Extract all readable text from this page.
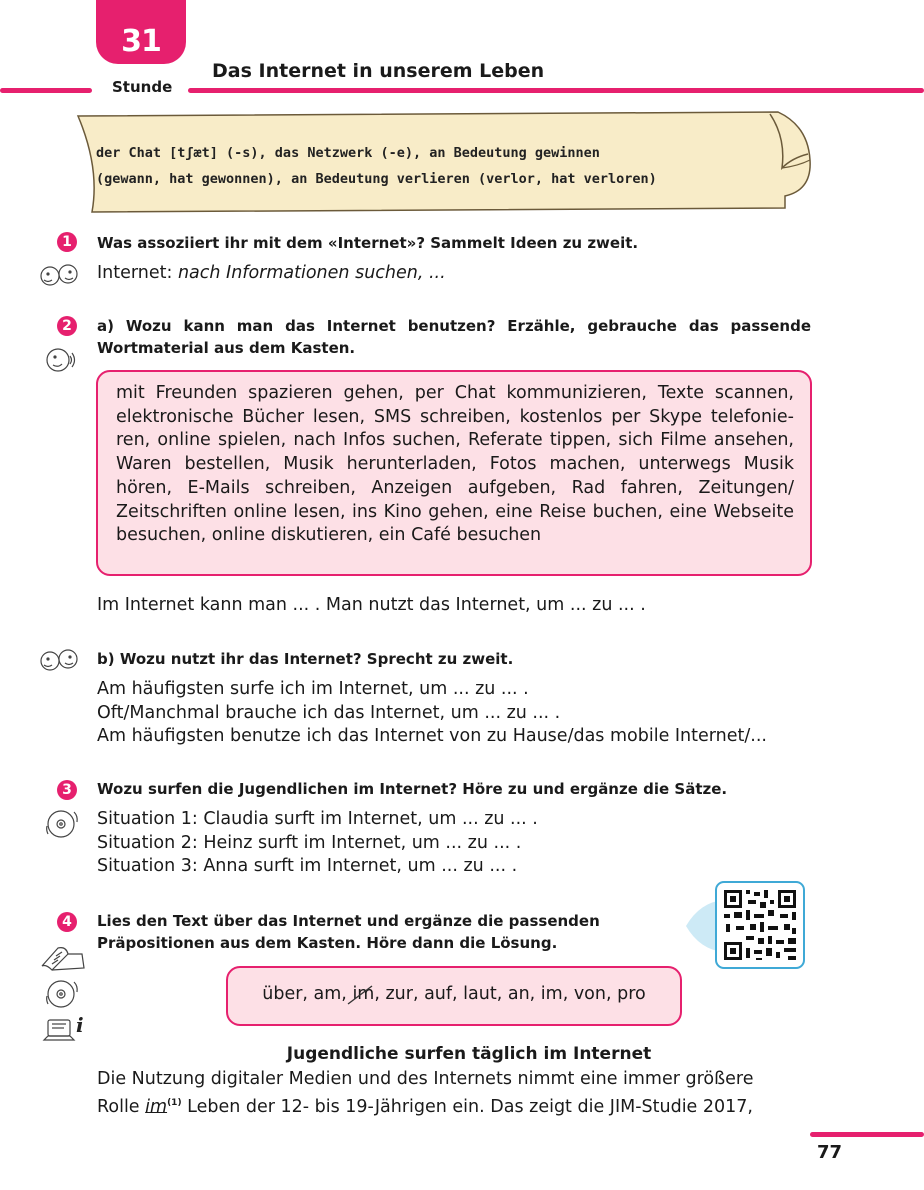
31
Stunde
Das Internet in unserem Leben
der Chat [tʃæt] (-s), das Netzwerk (-e), an Bedeutung gewinnen
(gewann, hat gewonnen), an Bedeutung verlieren (verlor, hat verloren)
1	Was assoziiert ihr mit dem «Internet»? Sammelt Ideen zu zweit.
Internet: nach Informationen suchen, ...
2	a) Wozu kann man das Internet benutzen? Erzähle, gebrauche das passende Wortmaterial aus dem Kasten.
mit Freunden spazieren gehen, per Chat kommunizieren, Texte scannen, elektronische Bücher lesen, SMS schreiben, kostenlos per Skype telefonieren, online spielen, nach Infos suchen, Referate tippen, sich Filme ansehen, Waren bestellen, Musik herunterladen, Fotos machen, unterwegs Musik hören, E-Mails schreiben, Anzeigen aufgeben, Rad fahren, Zeitungen/ Zeitschriften online lesen, ins Kino gehen, eine Reise buchen, eine Webseite besuchen, online diskutieren, ein Café besuchen
Im Internet kann man ... . Man nutzt das Internet, um ... zu ... .
b) Wozu nutzt ihr das Internet? Sprecht zu zweit.
Am häufigsten surfe ich im Internet, um ... zu ... .
Oft/Manchmal brauche ich das Internet, um ... zu ... .
Am häufigsten benutze ich das Internet von zu Hause/das mobile Internet/...
3	Wozu surfen die Jugendlichen im Internet? Höre zu und ergänze die Sätze.
Situation 1: Claudia surft im Internet, um ... zu ... .
Situation 2: Heinz surft im Internet, um ... zu ... .
Situation 3: Anna surft im Internet, um ... zu ... .
4	Lies den Text über das Internet und ergänze die passenden
Präpositionen aus dem Kasten. Höre dann die Lösung.
i
über, am, im, zur, auf, laut, an, im, von, pro
Jugendliche surfen täglich im Internet
Die Nutzung digitaler Medien und des Internets nimmt eine immer größere
Rolle $im^{(1)}$ Leben der 12- bis 19-Jährigen ein. Das zeigt die JIM-Studie 2017,
77
